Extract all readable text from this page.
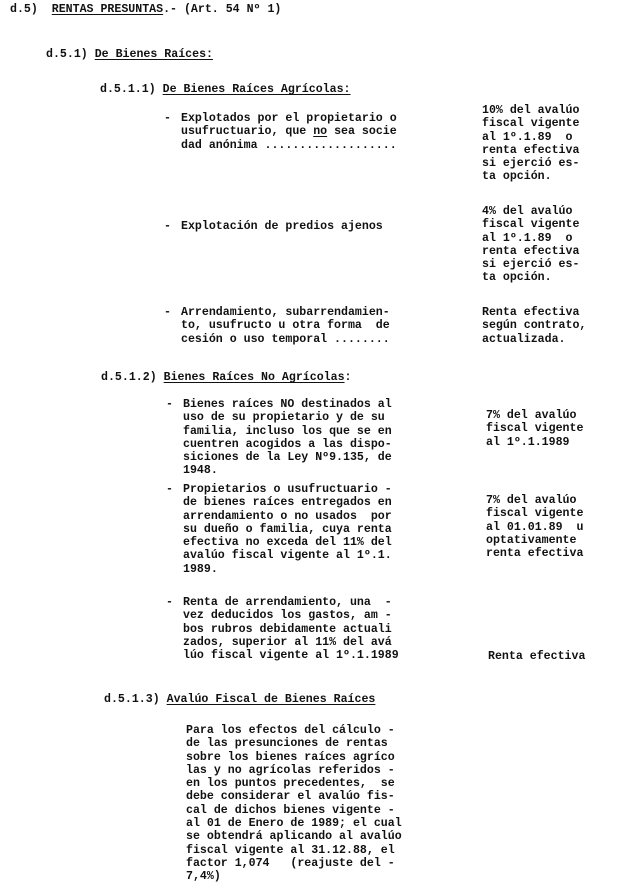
d.5) RENTAS PRESUNTAS.- (Art. 54 Nº 1)
d.5.1) De Bienes Raíces:
d.5.1.1) De Bienes Raíces Agrícolas:
- Explotados por el propietario o
usufructuario, que no sea socie
dad anónima ...................
10% del avalúo
fiscal vigente
al 1º.1.89  o
renta efectiva
si ejerció es-
ta opción.
- Explotación de predios ajenos
4% del avalúo
fiscal vigente
al 1º.1.89  o
renta efectiva
si ejerció es-
ta opción.
- Arrendamiento, subarrendamien-
to, usufructo u otra forma  de
cesión o uso temporal ........
Renta efectiva
según contrato,
actualizada.
d.5.1.2) Bienes Raíces No Agrícolas:
- Bienes raíces NO destinados al
uso de su propietario y de su
familia, incluso los que se en
cuentren acogidos a las dispo-
siciones de la Ley Nº9.135, de
1948.
7% del avalúo
fiscal vigente
al 1º.1.1989
- Propietarios o usufructuario -
de bienes raíces entregados en
arrendamiento o no usados  por
su dueño o familia, cuya renta
efectiva no exceda del 11% del
avalúo fiscal vigente al 1º.1.
1989.
7% del avalúo
fiscal vigente
al 01.01.89  u
optativamente
renta efectiva
- Renta de arrendamiento, una  -
vez deducidos los gastos, am -
bos rubros debidamente actuali
zados, superior al 11% del avá
lúo fiscal vigente al 1º.1.1989	Renta efectiva
d.5.1.3) Avalúo Fiscal de Bienes Raíces
Para los efectos del cálculo -
de las presunciones de rentas
sobre los bienes raíces agríco
las y no agrícolas referidos -
en los puntos precedentes,  se
debe considerar el avalúo fis-
cal de dichos bienes vigente -
al 01 de Enero de 1989; el cual
se obtendrá aplicando al avalúo
fiscal vigente al 31.12.88, el
factor 1,074   (reajuste del -
7,4%)
